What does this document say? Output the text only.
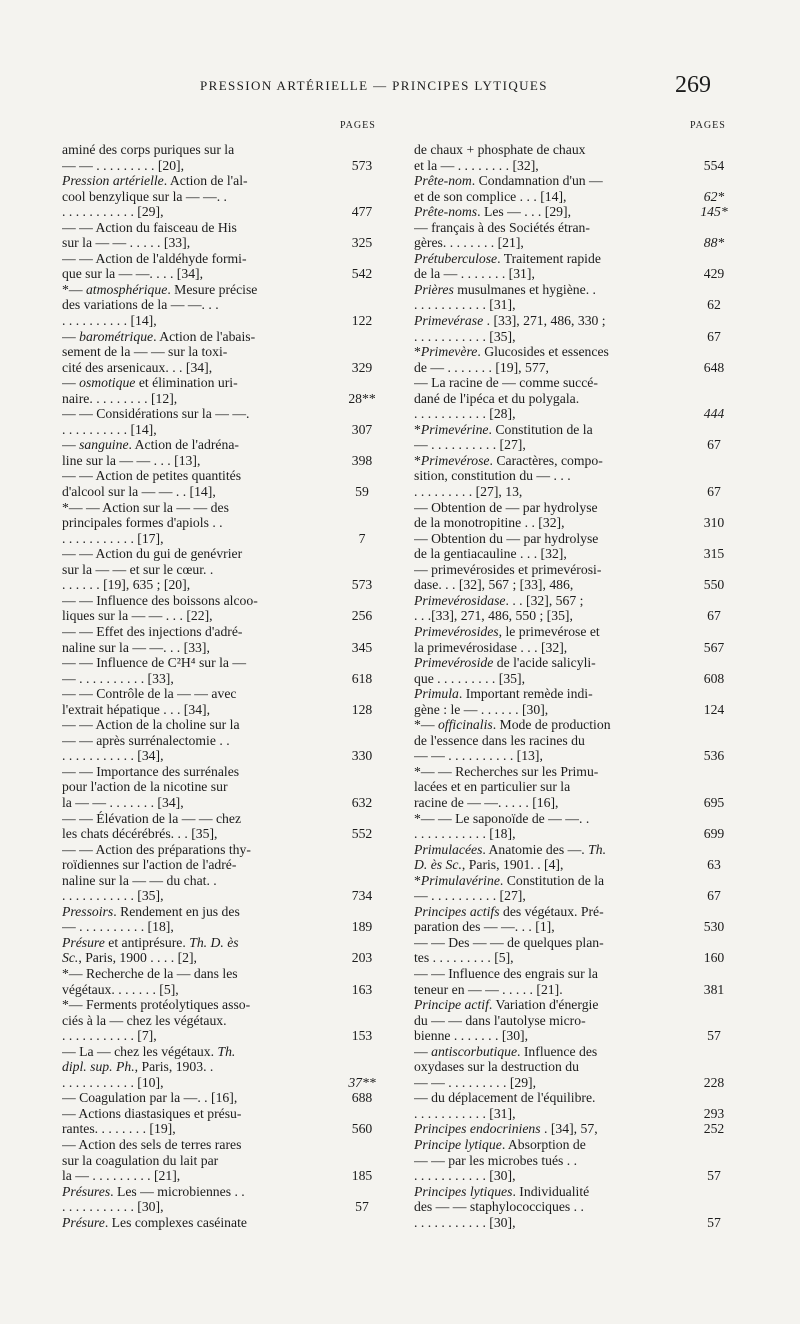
PRESSION ARTÉRIELLE — PRINCIPES LYTIQUES	269
PAGES	PAGES
aminé des corps puriques sur la
— — . . . . . . . . . [20],	573
Pression artérielle. Action de l'al-
cool benzylique sur la — —. .
. . . . . . . . . . . [29],	477
— — Action du faisceau de His
sur la — — . . . . . [33],	325
— — Action de l'aldéhyde formi-
que sur la — —. . . . [34],	542
*— atmosphérique. Mesure précise
des variations de la — —. . .
. . . . . . . . . . [14],	122
— barométrique. Action de l'abais-
sement de la — — sur la toxi-
cité des arsenicaux. . . [34],	329
— osmotique et élimination uri-
naire. . . . . . . . . [12],	28**
— — Considérations sur la — —.
. . . . . . . . . . [14],	307
— sanguine. Action de l'adréna-
line sur la — — . . . [13],	398
— — Action de petites quantités
d'alcool sur la — — . . [14],	59
*— — Action sur la — — des
principales formes d'apiols . .
. . . . . . . . . . . [17],	7
— — Action du gui de genévrier
sur la — — et sur le cœur. .
. . . . . . [19], 635 ; [20],	573
— — Influence des boissons alcoo-
liques sur la — — . . . [22],	256
— — Effet des injections d'adré-
naline sur la — —. . . [33],	345
— — Influence de C²H⁴ sur la —
— . . . . . . . . . . [33],	618
— — Contrôle de la — — avec
l'extrait hépatique . . . [34],	128
— — Action de la choline sur la
— — après surrénalectomie . .
. . . . . . . . . . . [34],	330
— — Importance des surrénales
pour l'action de la nicotine sur
la — — . . . . . . . [34],	632
— — Élévation de la — — chez
les chats décérébrés. . . [35],	552
— — Action des préparations thy-
roïdiennes sur l'action de l'adré-
naline sur la — — du chat. .
. . . . . . . . . . . [35],	734
Pressoirs. Rendement en jus des
— . . . . . . . . . . [18],	189
Présure et antiprésure. Th. D. ès
Sc., Paris, 1900 . . . . [2],	203
*— Recherche de la — dans les
végétaux. . . . . . . [5],	163
*— Ferments protéolytiques asso-
ciés à la — chez les végétaux.
. . . . . . . . . . . [7],	153
— La — chez les végétaux. Th.
dipl. sup. Ph., Paris, 1903. .
. . . . . . . . . . . [10],	37**
— Coagulation par la —. . [16],	688
— Actions diastasiques et présu-
rantes. . . . . . . . [19],	560
— Action des sels de terres rares
sur la coagulation du lait par
la — . . . . . . . . . [21],	185
Présures. Les — microbiennes . .
. . . . . . . . . . . [30],	57
Présure. Les complexes caséinate
de chaux + phosphate de chaux
et la — . . . . . . . . [32],	554
Prête-nom. Condamnation d'un —
et de son complice . . . [14],	62*
Prête-noms. Les — . . . [29],	145*
— français à des Sociétés étran-
gères. . . . . . . . [21],	88*
Prétuberculose. Traitement rapide
de la — . . . . . . . [31],	429
Prières musulmanes et hygiène. .
. . . . . . . . . . . [31],	62
Primevérase . [33], 271, 486, 330 ;
. . . . . . . . . . . [35],	67
*Primevère. Glucosides et essences
de — . . . . . . . [19], 577,	648
— La racine de — comme succé-
dané de l'ipéca et du polygala.
. . . . . . . . . . . [28],	444
*Primevérine. Constitution de la
— . . . . . . . . . . [27],	67
*Primevérose. Caractères, compo-
sition, constitution du — . . .
. . . . . . . . . [27], 13,	67
— Obtention de — par hydrolyse
de la monotropitine . . [32],	310
— Obtention du — par hydrolyse
de la gentiacauline . . . [32],	315
— primevérosides et primevérosi-
dase. . . [32], 567 ; [33], 486,	550
Primevérosidase. . . [32], 567 ;
. . .[33], 271, 486, 550 ; [35],	67
Primevérosides, le primevérose et
la primevérosidase . . . [32],	567
Primevéroside de l'acide salicyli-
que . . . . . . . . . [35],	608
Primula. Important remède indi-
gène : le — . . . . . . [30],	124
*— officinalis. Mode de production
de l'essence dans les racines du
— — . . . . . . . . . . [13],	536
*— — Recherches sur les Primu-
lacées et en particulier sur la
racine de — —. . . . . [16],	695
*— — Le saponoïde de — —. .
. . . . . . . . . . . [18],	699
Primulacées. Anatomie des —. Th.
D. ès Sc., Paris, 1901. . [4],	63
*Primulavérine. Constitution de la
— . . . . . . . . . . [27],	67
Principes actifs des végétaux. Pré-
paration des — —. . . [1],	530
— — Des — — de quelques plan-
tes . . . . . . . . . [5],	160
— — Influence des engrais sur la
teneur en — — . . . . . [21].	381
Principe actif. Variation d'énergie
du — — dans l'autolyse micro-
bienne . . . . . . . [30],	57
— antiscorbutique. Influence des
oxydases sur la destruction du
— — . . . . . . . . . [29],	228
— du déplacement de l'équilibre.
. . . . . . . . . . . [31],	293
Principes endocriniens . [34], 57,	252
Principe lytique. Absorption de
— — par les microbes tués . .
. . . . . . . . . . . [30],	57
Principes lytiques. Individualité
des — — staphylococciques . .
. . . . . . . . . . . [30],	57
